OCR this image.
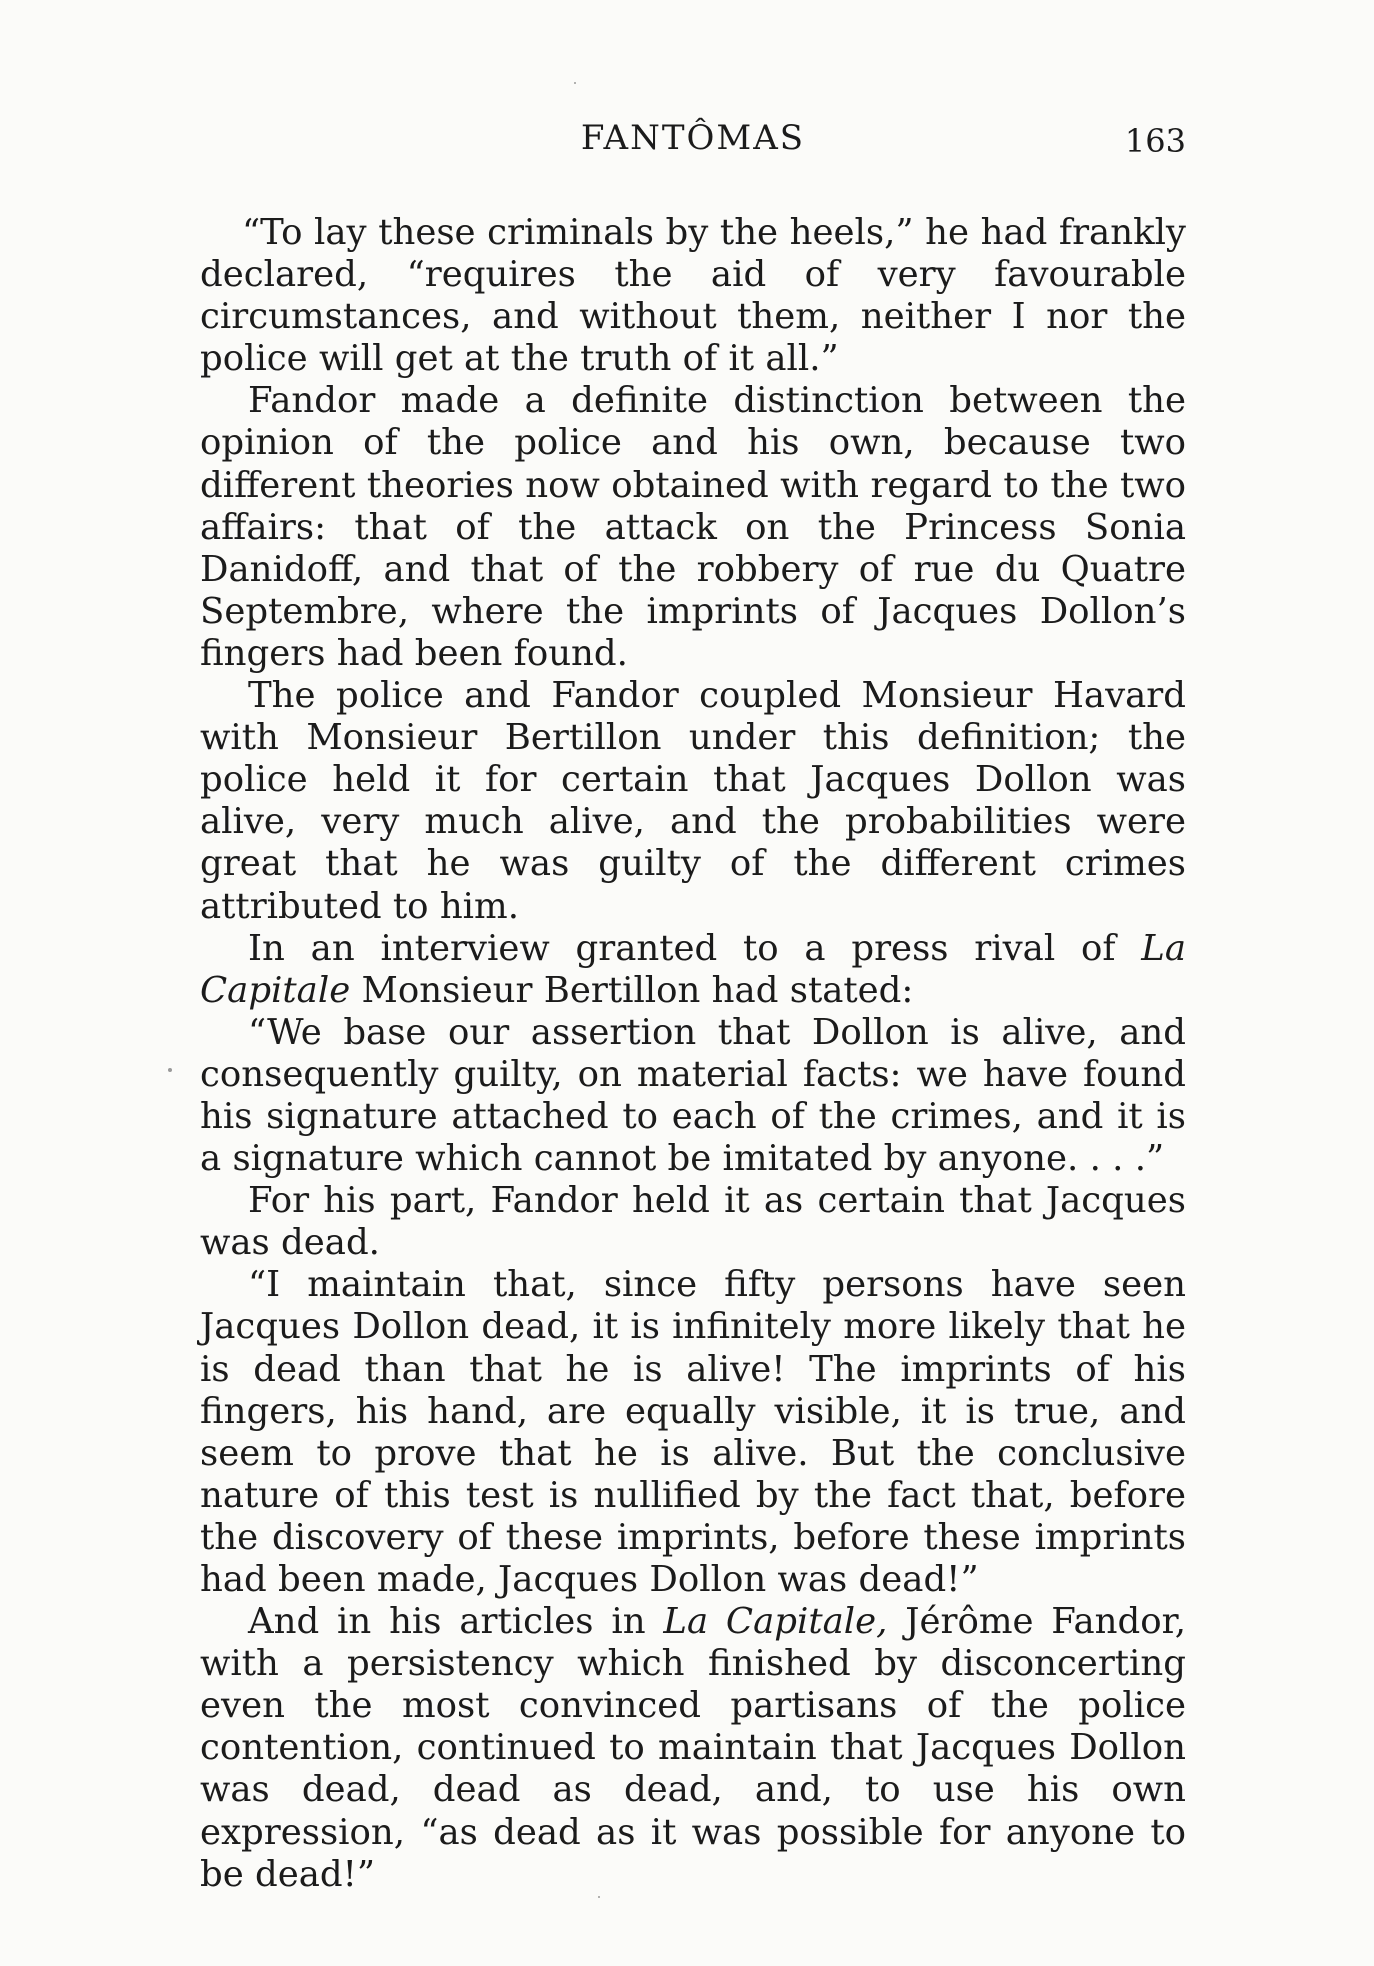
FANTÔMAS	163

“To lay these criminals by the heels,” he had frankly declared, “requires the aid of very favourable circumstances, and without them, neither I nor the police will get at the truth of it all.”

Fandor made a definite distinction between the opinion of the police and his own, because two different theories now obtained with regard to the two affairs: that of the attack on the Princess Sonia Danidoff, and that of the robbery of rue du Quatre Septembre, where the imprints of Jacques Dollon’s fingers had been found.

The police and Fandor coupled Monsieur Havard with Monsieur Bertillon under this definition; the police held it for certain that Jacques Dollon was alive, very much alive, and the probabilities were great that he was guilty of the different crimes attributed to him.

In an interview granted to a press rival of La Capitale Monsieur Bertillon had stated:

“We base our assertion that Dollon is alive, and consequently guilty, on material facts: we have found his signature attached to each of the crimes, and it is a signature which cannot be imitated by anyone. . . .”

For his part, Fandor held it as certain that Jacques was dead.

“I maintain that, since fifty persons have seen Jacques Dollon dead, it is infinitely more likely that he is dead than that he is alive! The imprints of his fingers, his hand, are equally visible, it is true, and seem to prove that he is alive. But the conclusive nature of this test is nullified by the fact that, before the discovery of these imprints, before these imprints had been made, Jacques Dollon was dead!”

And in his articles in La Capitale, Jérôme Fandor, with a persistency which finished by disconcerting even the most convinced partisans of the police contention, continued to maintain that Jacques Dollon was dead, dead as dead, and, to use his own expression, “as dead as it was possible for anyone to be dead!”
